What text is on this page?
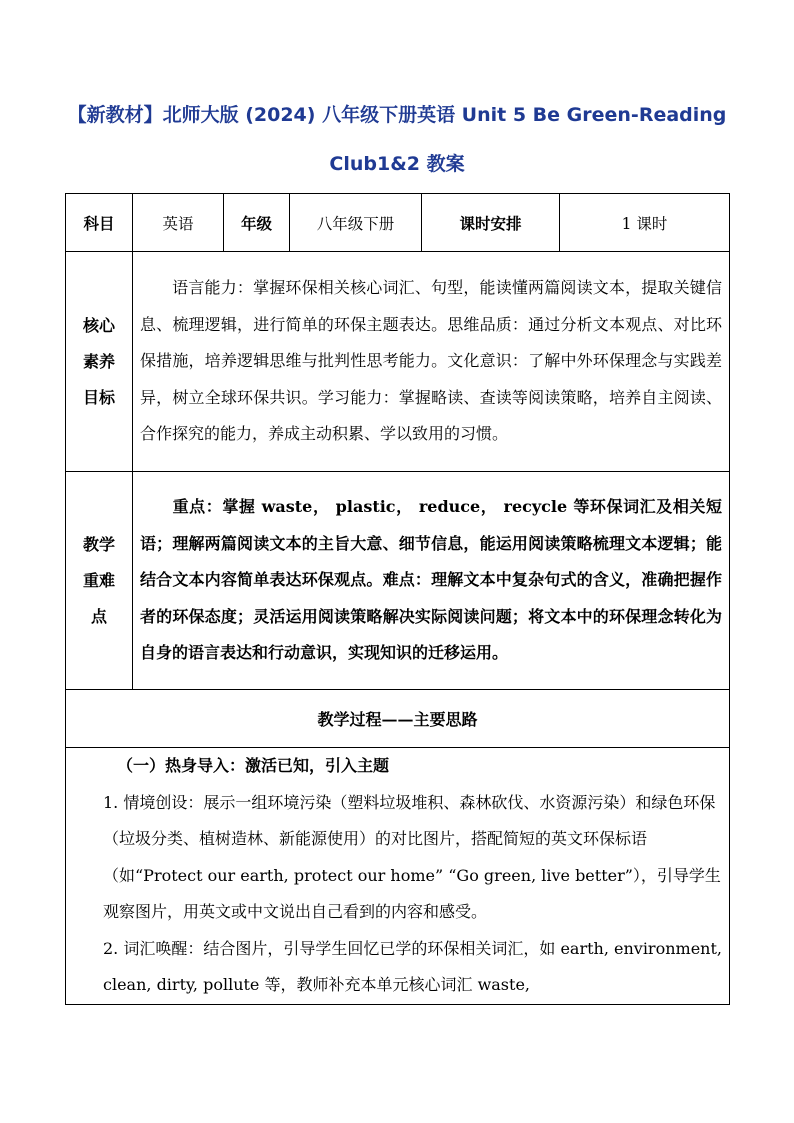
【新教材】北师大版 (2024) 八年级下册英语 Unit 5 Be Green-Reading
Club1&2 教案
科目	英语	年级	八年级下册	课时安排	1 课时

核心
素养
目标	语言能力：掌握环保相关核心词汇、句型，能读懂两篇阅读文本，提取关键信息、梳理逻辑，进行简单的环保主题表达。思维品质：通过分析文本观点、对比环保措施，培养逻辑思维与批判性思考能力。文化意识：了解中外环保理念与实践差异，树立全球环保共识。学习能力：掌握略读、查读等阅读策略，培养自主阅读、合作探究的能力，养成主动积累、学以致用的习惯。				

教学
重难
点	重点：掌握 waste， plastic， reduce， recycle 等环保词汇及相关短语；理解两篇阅读文本的主旨大意、细节信息，能运用阅读策略梳理文本逻辑；能结合文本内容简单表达环保观点。难点：理解文本中复杂句式的含义，准确把握作者的环保态度；灵活运用阅读策略解决实际阅读问题；将文本中的环保理念转化为自身的语言表达和行动意识，实现知识的迁移运用。				
教学过程——主要思路					

（一）热身导入：激活已知，引入主题

1. 情境创设：展示一组环境污染（塑料垃圾堆积、森林砍伐、水资源污染）和绿色环保（垃圾分类、植树造林、新能源使用）的对比图片，搭配简短的英文环保标语（如“Protect our earth, protect our home” “Go green, live better”），引导学生观察图片，用英文或中文说出自己看到的内容和感受。

2. 词汇唤醒：结合图片，引导学生回忆已学的环保相关词汇，如 earth, environment, clean, dirty, pollute 等，教师补充本单元核心词汇 waste,					
